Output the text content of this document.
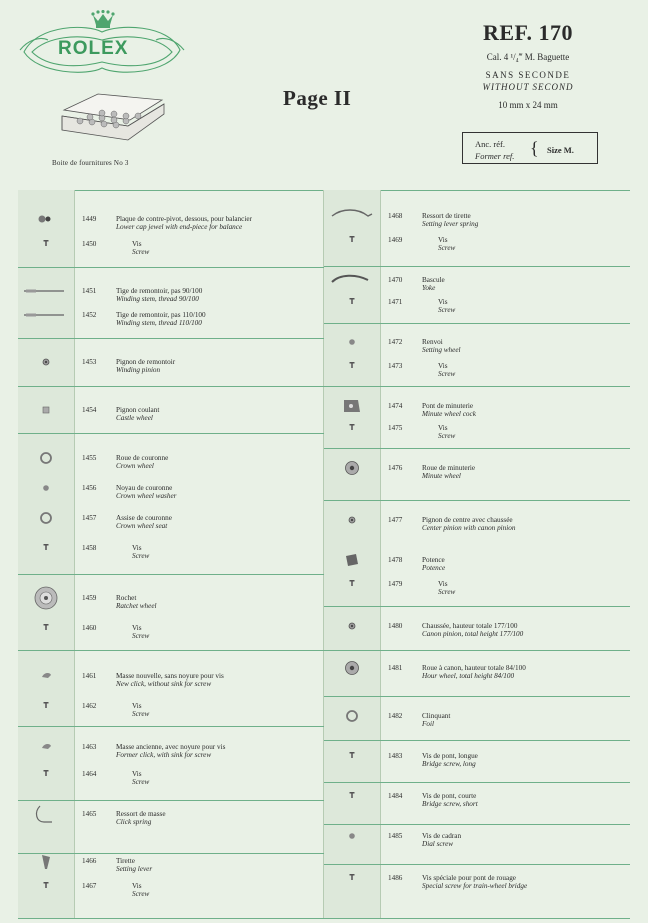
ROLEX
Boite de fournitures No 3
Page II
REF. 170
Cal. 4 ¹/₄‴ M. Baguette
SANS SECONDE
WITHOUT SECOND
10 mm x 24 mm
Anc. réf.
Former ref. { Size M.
1449	Plaque de contre-pivot, dessous, pour balancier
Lower cap jewel with end-piece for balance
1450	Vis
Screw
1451	Tige de remontoir, pas 90/100
Winding stem, thread 90/100
1452	Tige de remontoir, pas 110/100
Winding stem, thread 110/100
1453	Pignon de remontoir
Winding pinion
1454	Pignon coulant
Castle wheel
1455	Roue de couronne
Crown wheel
1456	Noyau de couronne
Crown wheel washer
1457	Assise de couronne
Crown wheel seat
1458	Vis
Screw
1459	Rochet
Ratchet wheel
1460	Vis
Screw
1461	Masse nouvelle, sans noyure pour vis
New click, without sink for screw
1462	Vis
Screw
1463	Masse ancienne, avec noyure pour vis
Former click, with sink for screw
1464	Vis
Screw
1465	Ressort de masse
Click spring
1466	Tirette
Setting lever
1467	Vis
Screw
1468	Ressort de tirette
Setting lever spring
1469	Vis
Screw
1470	Bascule
Yoke
1471	Vis
Screw
1472	Renvoi
Setting wheel
1473	Vis
Screw
1474	Pont de minuterie
Minute wheel cock
1475	Vis
Screw
1476	Roue de minuterie
Minute wheel
1477	Pignon de centre avec chaussée
Center pinion with canon pinion
1478	Potence
Potence
1479	Vis
Screw
1480	Chaussée, hauteur totale 177/100
Canon pinion, total height 177/100
1481	Roue à canon, hauteur totale 84/100
Hour wheel, total height 84/100
1482	Clinquant
Foil
1483	Vis de pont, longue
Bridge screw, long
1484	Vis de pont, courte
Bridge screw, short
1485	Vis de cadran
Dial screw
1486	Vis spéciale pour pont de rouage
Special screw for train-wheel bridge
